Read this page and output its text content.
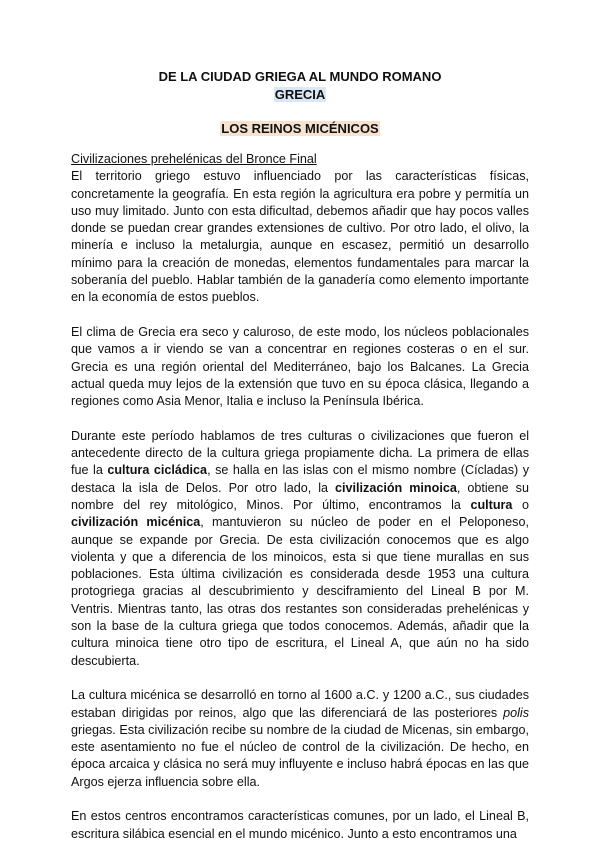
DE LA CIUDAD GRIEGA AL MUNDO ROMANO
GRECIA
LOS REINOS MICÉNICOS
Civilizaciones prehelénicas del Bronce Final

El territorio griego estuvo influenciado por las características físicas, concretamente la geografía. En esta región la agricultura era pobre y permitía un uso muy limitado. Junto con esta dificultad, debemos añadir que hay pocos valles donde se puedan crear grandes extensiones de cultivo. Por otro lado, el olivo, la minería e incluso la metalurgia, aunque en escasez, permitió un desarrollo mínimo para la creación de monedas, elementos fundamentales para marcar la soberanía del pueblo. Hablar también de la ganadería como elemento importante en la economía de estos pueblos.

El clima de Grecia era seco y caluroso, de este modo, los núcleos poblacionales que vamos a ir viendo se van a concentrar en regiones costeras o en el sur. Grecia es una región oriental del Mediterráneo, bajo los Balcanes. La Grecia actual queda muy lejos de la extensión que tuvo en su época clásica, llegando a regiones como Asia Menor, Italia e incluso la Península Ibérica.

Durante este período hablamos de tres culturas o civilizaciones que fueron el antecedente directo de la cultura griega propiamente dicha. La primera de ellas fue la cultura cicládica, se halla en las islas con el mismo nombre (Cícladas) y destaca la isla de Delos. Por otro lado, la civilización minoica, obtiene su nombre del rey mitológico, Minos. Por último, encontramos la cultura o civilización micénica, mantuvieron su núcleo de poder en el Peloponeso, aunque se expande por Grecia. De esta civilización conocemos que es algo violenta y que a diferencia de los minoicos, esta si que tiene murallas en sus poblaciones. Esta última civilización es considerada desde 1953 una cultura protogriega gracias al descubrimiento y desciframiento del Lineal B por M. Ventris. Mientras tanto, las otras dos restantes son consideradas prehelénicas y son la base de la cultura griega que todos conocemos. Además, añadir que la cultura minoica tiene otro tipo de escritura, el Lineal A, que aún no ha sido descubierta.

La cultura micénica se desarrolló en torno al 1600 a.C. y 1200 a.C., sus ciudades estaban dirigidas por reinos, algo que las diferenciará de las posteriores polis griegas. Esta civilización recibe su nombre de la ciudad de Micenas, sin embargo, este asentamiento no fue el núcleo de control de la civilización. De hecho, en época arcaica y clásica no será muy influyente e incluso habrá épocas en las que Argos ejerza influencia sobre ella.

En estos centros encontramos características comunes, por un lado, el Lineal B, escritura silábica esencial en el mundo micénico. Junto a esto encontramos una
